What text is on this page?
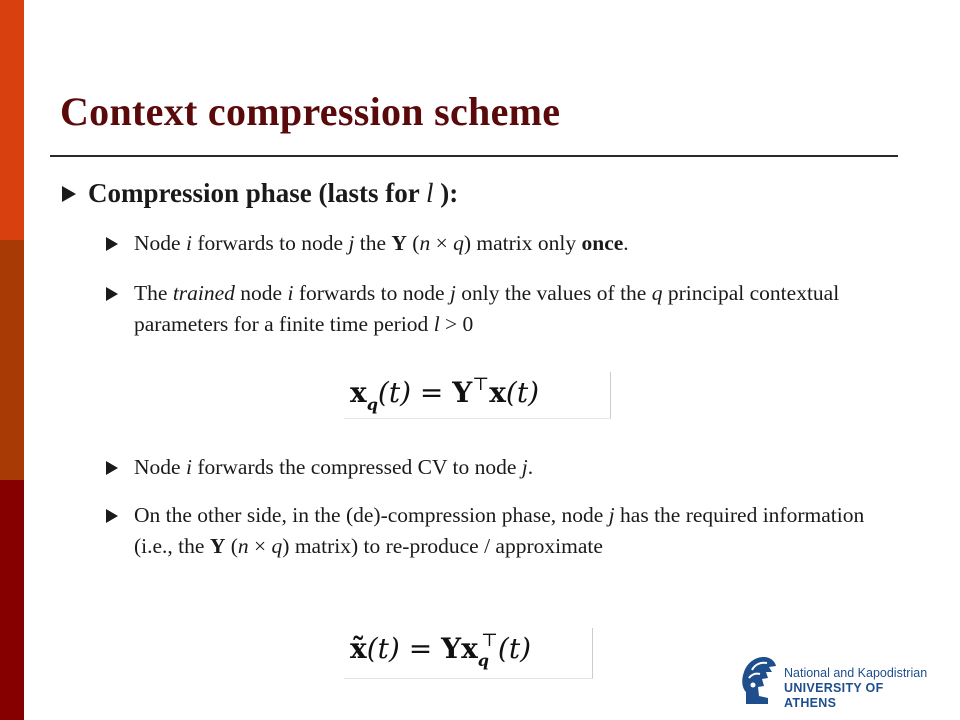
Context compression scheme
Compression phase (lasts for l ):
Node i forwards to node j the Y (n × q) matrix only once.
The trained node i forwards to node j only the values of the q principal contextual parameters for a finite time period l > 0
$x_q(t) = Y^⊤x(t)$
Node i forwards the compressed CV to node j.
On the other side, in the (de)-compression phase, node j has the required information (i.e., the Y (n × q) matrix) to re-produce / approximate
x̃(t) = $Yx_q^⊤(t)$
National and Kapodistrian
UNIVERSITY OF ATHENS
